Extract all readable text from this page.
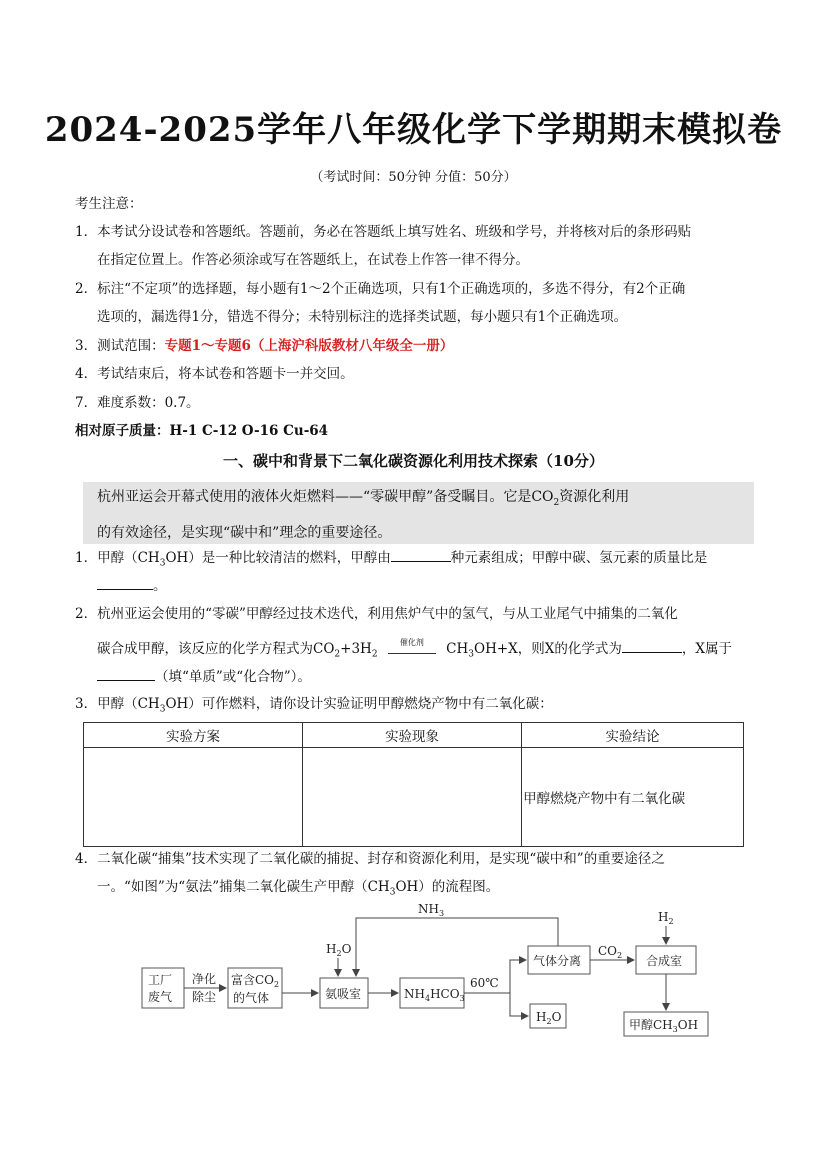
2024-2025学年八年级化学下学期期末模拟卷
（考试时间：50分钟 分值：50分）
考生注意：
1．本考试分设试卷和答题纸。答题前，务必在答题纸上填写姓名、班级和学号，并将核对后的条形码贴
在指定位置上。作答必须涂或写在答题纸上，在试卷上作答一律不得分。
2．标注“不定项”的选择题，每小题有1～2个正确选项，只有1个正确选项的，多选不得分，有2个正确
选项的，漏选得1分，错选不得分；未特别标注的选择类试题，每小题只有1个正确选项。
3．测试范围：专题1～专题6（上海沪科版教材八年级全一册）
4．考试结束后，将本试卷和答题卡一并交回。
7．难度系数：0.7。
相对原子质量：H-1 C-12 O-16 Cu-64
一、碳中和背景下二氧化碳资源化利用技术探索（10分）
杭州亚运会开幕式使用的液体火炬燃料——“零碳甲醇”备受瞩目。它是$CO_2$资源化利用
的有效途径，是实现“碳中和”理念的重要途径。
1．甲醇$(CH_3OH)$是一种比较清洁的燃料，甲醇由	种元素组成；甲醇中碳、氢元素的质量比是
。
2．杭州亚运会使用的“零碳”甲醇经过技术迭代，利用焦炉气中的氢气，与从工业尾气中捕集的二氧化
碳合成甲醇，该反应的化学方程式为$CO_2+3H_2$ 催化剂 $CH_3OH+X$，则X的化学式为	，X属于
（填“单质”或“化合物”）。
3．甲醇$(CH_3OH)$可作燃料，请你设计实验证明甲醇燃烧产物中有二氧化碳：
实验方案	实验现象	实验结论
		甲醇燃烧产物中有二氧化碳
4．二氧化碳“捕集”技术实现了二氧化碳的捕捉、封存和资源化利用，是实现“碳中和”的重要途径之
一。“如图”为“氨法”捕集二氧化碳生产甲醇$(CH_3OH)$的流程图。
工厂
废气
净化
除尘
富含$CO_2$
的气体
$H_2O$
氨吸室	$NH_4HCO_3$
60℃
$NH_3$
气体分离
$H_2O$
$CO_2$
$H_2$
合成室
甲醇$CH_3OH$
